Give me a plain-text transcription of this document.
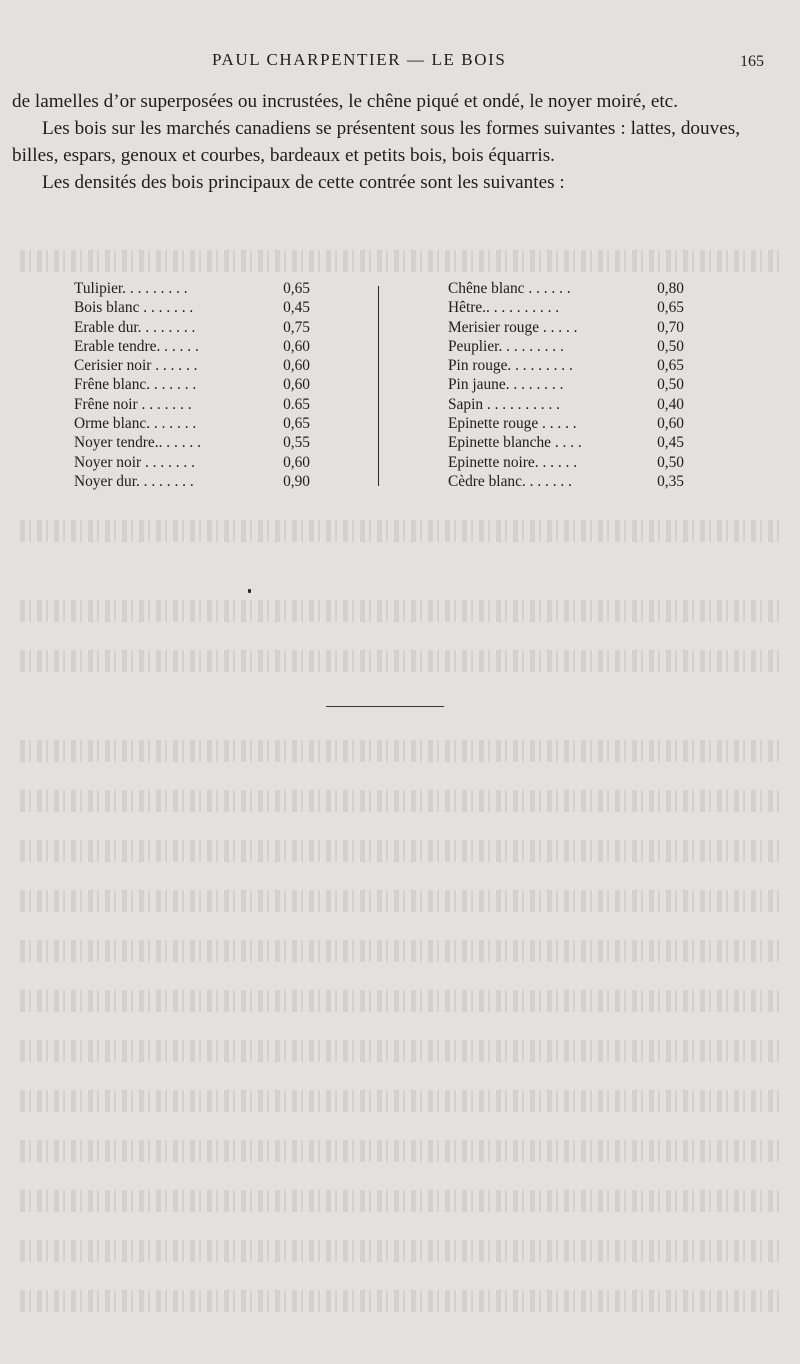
PAUL CHARPENTIER — LE BOIS	165

de lamelles d’or superposées ou incrustées, le chêne piqué et ondé, le noyer moiré, etc.

Les bois sur les marchés canadiens se présentent sous les formes suivantes : lattes, douves, billes, espars, genoux et courbes, bardeaux et petits bois, bois équarris.

Les densités des bois principaux de cette contrée sont les suivantes :

Tulipier. . . . . . . . .	0,65
Bois blanc . . . . . . .	0,45
Erable dur. . . . . . . .	0,75
Erable tendre. . . . . .	0,60
Cerisier noir . . . . . .	0,60
Frêne blanc. . . . . . .	0,60
Frêne noir . . . . . . .	0.65
Orme blanc. . . . . . .	0,65
Noyer tendre.. . . . . .	0,55
Noyer noir . . . . . . .	0,60
Noyer dur. . . . . . . .	0,90
Chêne blanc . . . . . .	0,80
Hêtre.. . . . . . . . . .	0,65
Merisier rouge . . . . .	0,70
Peuplier. . . . . . . . .	0,50
Pin rouge. . . . . . . . .	0,65
Pin jaune. . . . . . . .	0,50
Sapin . . . . . . . . . .	0,40
Epinette rouge . . . . .	0,60
Epinette blanche . . . .	0,45
Epinette noire. . . . . .	0,50
Cèdre blanc. . . . . . .	0,35
